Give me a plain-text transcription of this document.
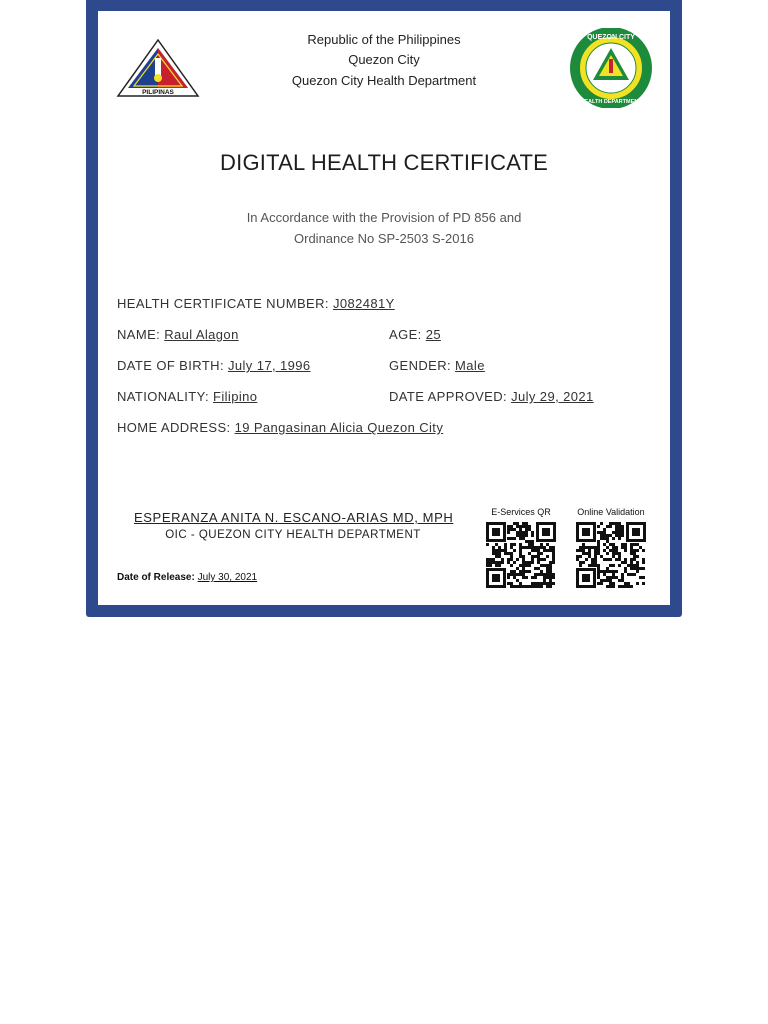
PILIPINAS
QUEZON CITY
HEALTH DEPARTMENT
Republic of the Philippines
Quezon City
Quezon City Health Department
DIGITAL HEALTH CERTIFICATE
In Accordance with the Provision of PD 856 and
Ordinance No SP-2503 S-2016
HEALTH CERTIFICATE NUMBER: J082481Y
NAME: Raul Alagon	AGE: 25
DATE OF BIRTH: July 17, 1996	GENDER: Male
NATIONALITY: Filipino	DATE APPROVED: July 29, 2021
HOME ADDRESS: 19 Pangasinan Alicia Quezon City
ESPERANZA ANITA N. ESCANO-ARIAS MD, MPH
OIC - QUEZON CITY HEALTH DEPARTMENT
Date of Release: July 30, 2021
E-Services QR	Online Validation
